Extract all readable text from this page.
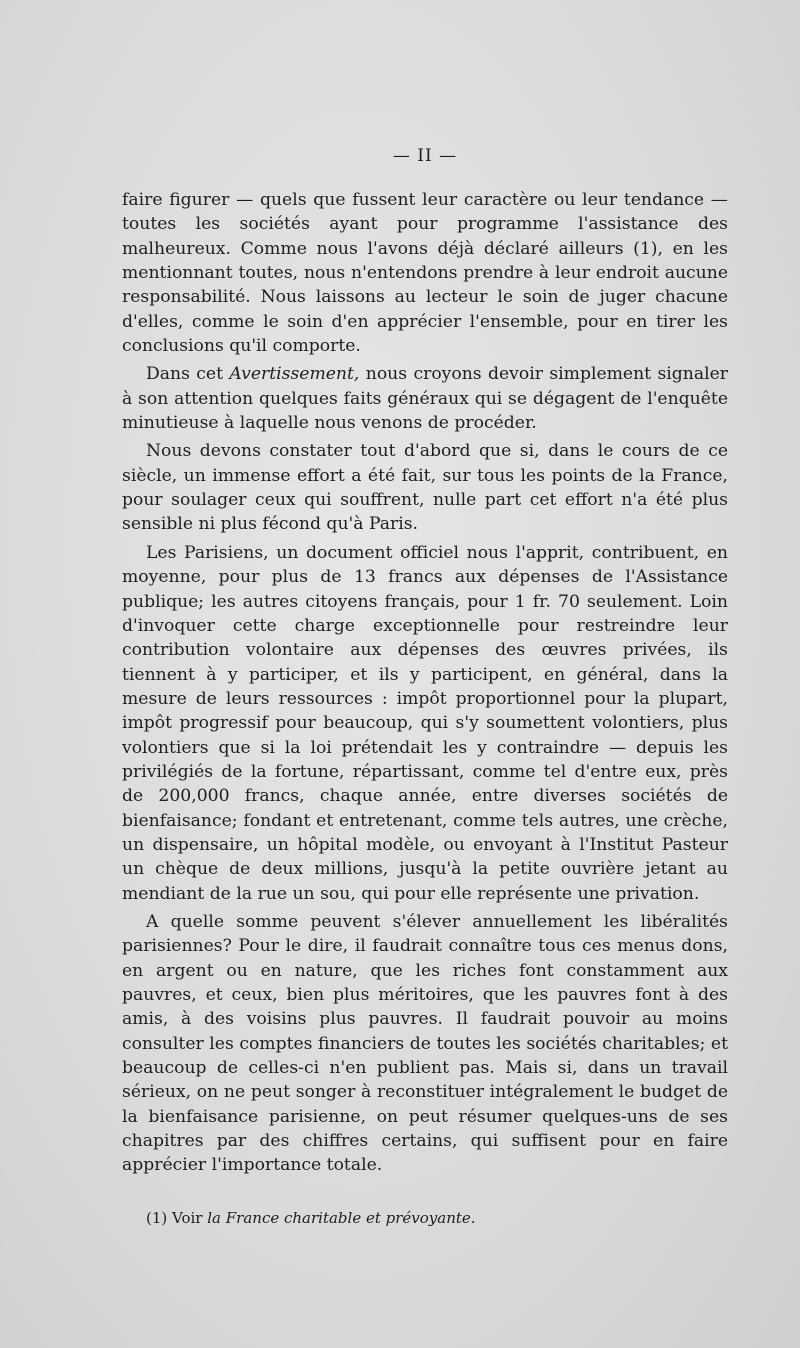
— II —

faire figurer — quels que fussent leur caractère ou leur tendance — toutes les sociétés ayant pour programme l'assistance des malheureux. Comme nous l'avons déjà déclaré ailleurs (1), en les mentionnant toutes, nous n'entendons prendre à leur endroit aucune responsabilité. Nous laissons au lecteur le soin de juger chacune d'elles, comme le soin d'en apprécier l'ensemble, pour en tirer les conclusions qu'il comporte.

Dans cet Avertissement, nous croyons devoir simplement signaler à son attention quelques faits généraux qui se dégagent de l'enquête minutieuse à laquelle nous venons de procéder.

Nous devons constater tout d'abord que si, dans le cours de ce siècle, un immense effort a été fait, sur tous les points de la France, pour soulager ceux qui souffrent, nulle part cet effort n'a été plus sensible ni plus fécond qu'à Paris.

Les Parisiens, un document officiel nous l'apprit, contribuent, en moyenne, pour plus de 13 francs aux dépenses de l'Assistance publique; les autres citoyens français, pour 1 fr. 70 seulement. Loin d'invoquer cette charge exceptionnelle pour restreindre leur contribution volontaire aux dépenses des œuvres privées, ils tiennent à y participer, et ils y participent, en général, dans la mesure de leurs ressources : impôt proportionnel pour la plupart, impôt progressif pour beaucoup, qui s'y soumettent volontiers, plus volontiers que si la loi prétendait les y contraindre — depuis les privilégiés de la fortune, répartissant, comme tel d'entre eux, près de 200,000 francs, chaque année, entre diverses sociétés de bienfaisance; fondant et entretenant, comme tels autres, une crèche, un dispensaire, un hôpital modèle, ou envoyant à l'Institut Pasteur un chèque de deux millions, jusqu'à la petite ouvrière jetant au mendiant de la rue un sou, qui pour elle représente une privation.

A quelle somme peuvent s'élever annuellement les libéralités parisiennes? Pour le dire, il faudrait connaître tous ces menus dons, en argent ou en nature, que les riches font constamment aux pauvres, et ceux, bien plus méritoires, que les pauvres font à des amis, à des voisins plus pauvres. Il faudrait pouvoir au moins consulter les comptes financiers de toutes les sociétés charitables; et beaucoup de celles-ci n'en publient pas. Mais si, dans un travail sérieux, on ne peut songer à reconstituer intégralement le budget de la bienfaisance parisienne, on peut résumer quelques-uns de ses chapitres par des chiffres certains, qui suffisent pour en faire apprécier l'importance totale.

(1) Voir la France charitable et prévoyante.
